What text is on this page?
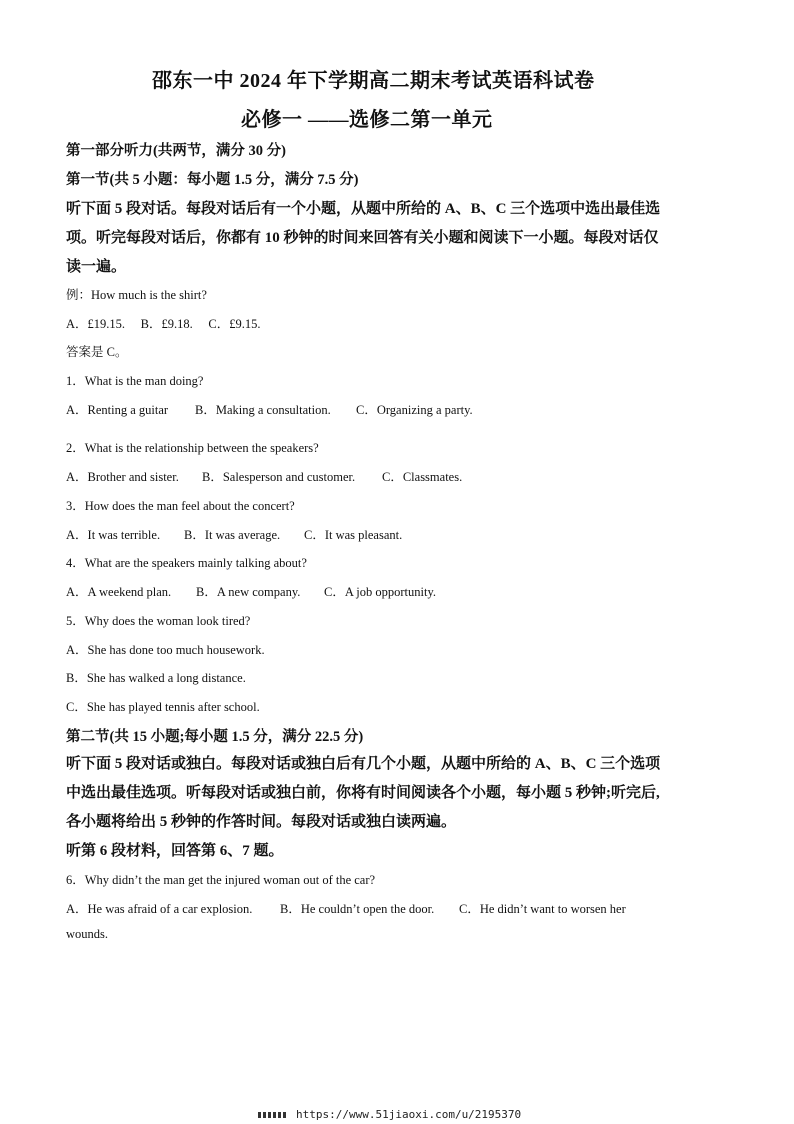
邵东一中 2024 年下学期高二期末考试英语科试卷
必修一 ——选修二第一单元
第一部分听力(共两节，满分 30 分)
第一节(共 5 小题：每小题 1.5 分，满分 7.5 分)
听下面 5 段对话。每段对话后有一个小题，从题中所给的 A、B、C 三个选项中选出最佳选
项。听完每段对话后，你都有 10 秒钟的时间来回答有关小题和阅读下一小题。每段对话仅
读一遍。
例：How much is the shirt?
A．£19.15.　 B．£9.18.　 C．£9.15.
答案是 C。
1．What is the man doing?
A．Renting a guitar B．Making a consultation. C．Organizing a party.
2．What is the relationship between the speakers?
A．Brother and sister. B．Salesperson and customer. C．Classmates.
3．How does the man feel about the concert?
A．It was terrible. B．It was average. C．It was pleasant.
4．What are the speakers mainly talking about?
A．A weekend plan. B．A new company. C．A job opportunity.
5．Why does the woman look tired?
A．She has done too much housework.
B．She has walked a long distance.
C．She has played tennis after school.
第二节(共 15 小题;每小题 1.5 分，满分 22.5 分)
听下面 5 段对话或独白。每段对话或独白后有几个小题，从题中所给的 A、B、C 三个选项
中选出最佳选项。听每段对话或独白前，你将有时间阅读各个小题，每小题 5 秒钟;听完后,
各小题将给出 5 秒钟的作答时间。每段对话或独白读两遍。
听第 6 段材料，回答第 6、7 题。
6．Why didn’t the man get the injured woman out of the car?
A．He was afraid of a car explosion. B．He couldn’t open the door. C．He didn’t want to worsen her
wounds.
https://www.51jiaoxi.com/u/2195370
